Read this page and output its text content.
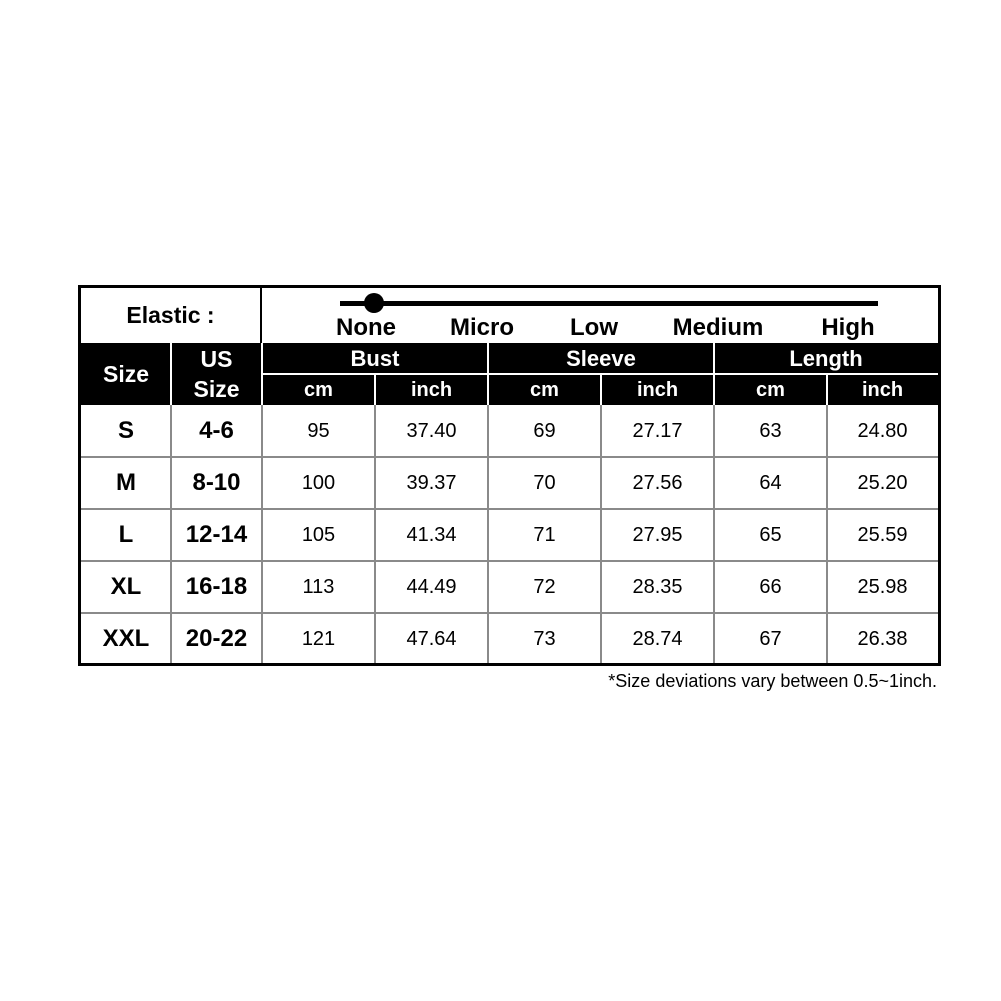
Elastic :	None Micro Low Medium High
Size
US
Size
Bust	Sleeve	Length
cm	inch	cm	inch	cm	inch
S	4-6	95	37.40	69	27.17	63	24.80
M	8-10	100	39.37	70	27.56	64	25.20
L	12-14	105	41.34	71	27.95	65	25.59
XL	16-18	113	44.49	72	28.35	66	25.98
XXL	20-22	121	47.64	73	28.74	67	26.38
*Size deviations vary between 0.5~1inch.
